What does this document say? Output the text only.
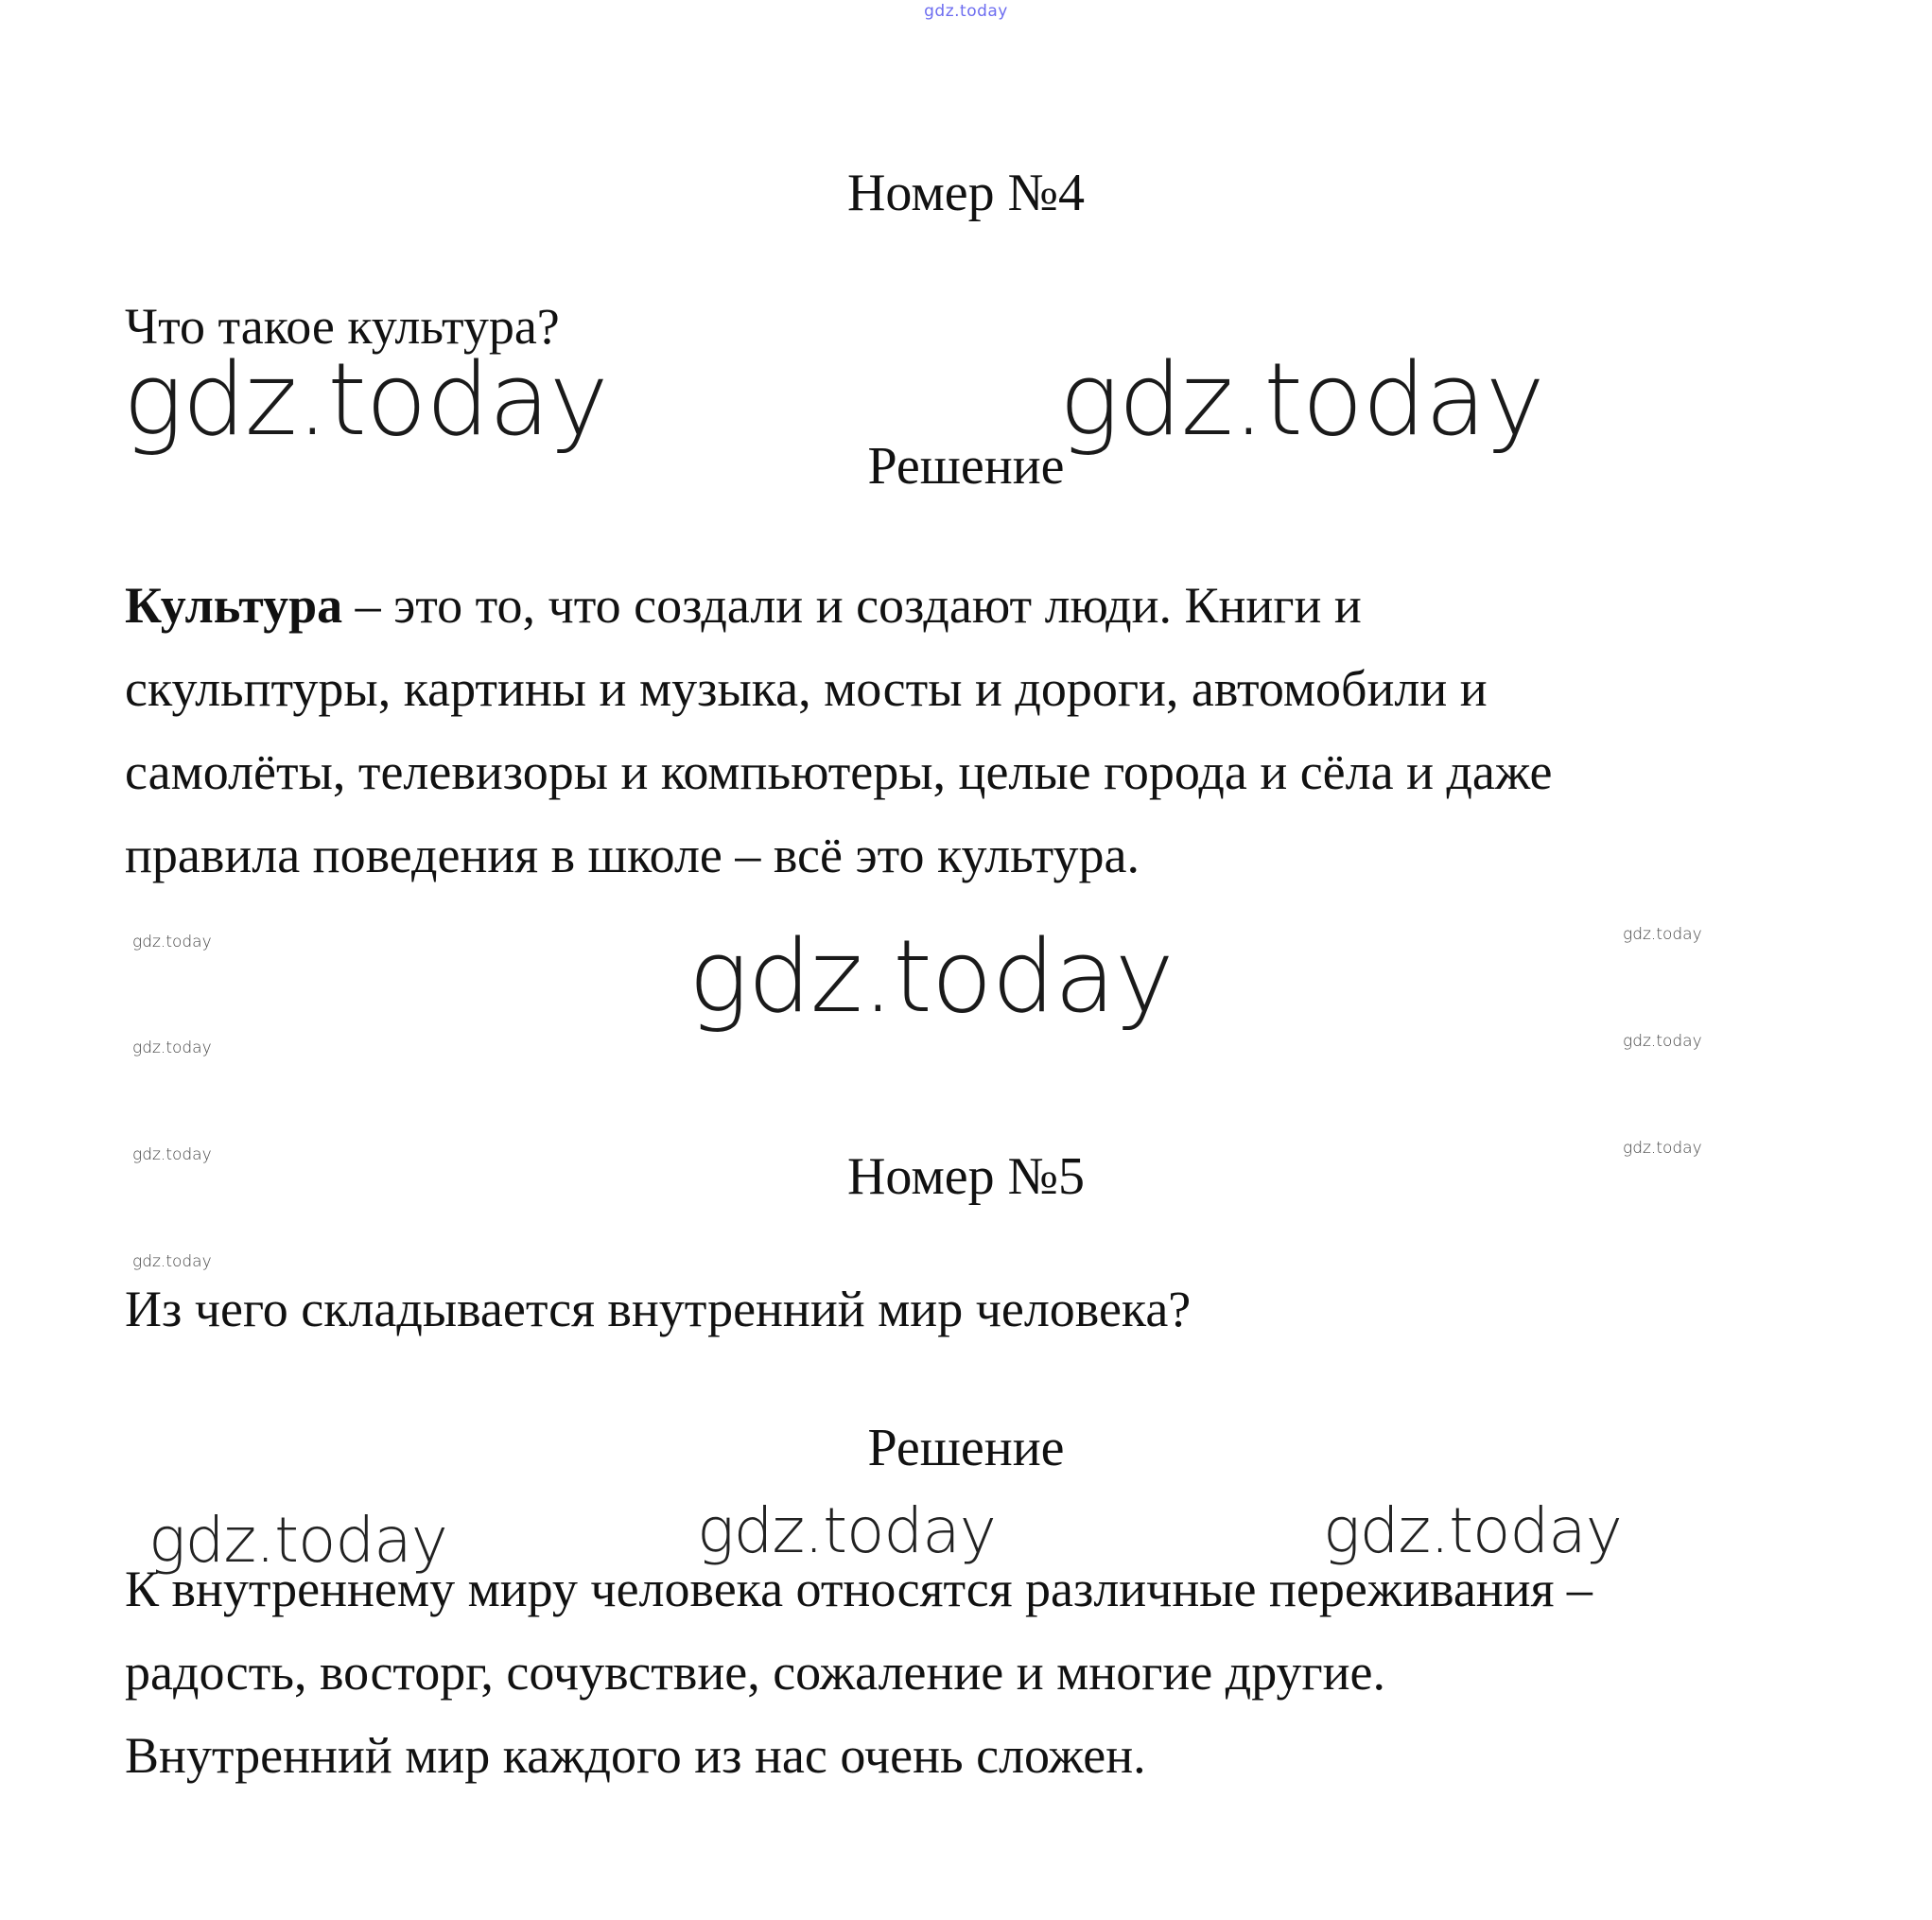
gdz.today
Номер №4
Что такое культура?
gdz.today	gdz.today
Решение
Культура – это то, что создали и создают люди. Книги и
скульптуры, картины и музыка, мосты и дороги, автомобили и
самолёты, телевизоры и компьютеры, целые города и сёла и даже
правила поведения в школе – всё это культура.
gdz.today	gdz.today
gdz.today
gdz.today	gdz.today
gdz.today	gdz.today
gdz.today
Номер №5
Из чего складывается внутренний мир человека?
Решение
gdz.today	gdz.today	gdz.today
К внутреннему миру человека относятся различные переживания –
радость, восторг, сочувствие, сожаление и многие другие.
Внутренний мир каждого из нас очень сложен.
